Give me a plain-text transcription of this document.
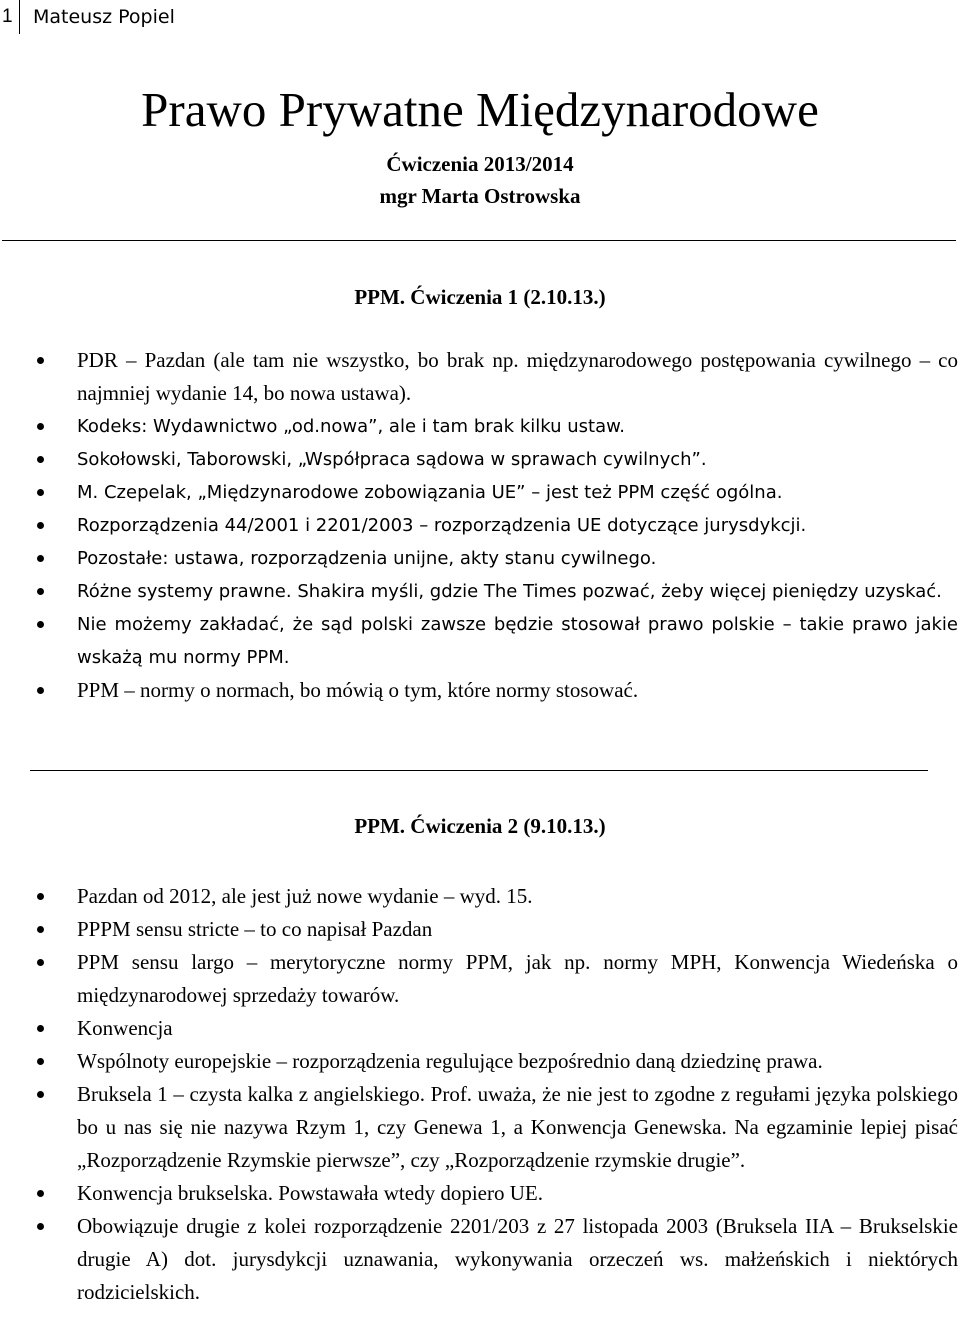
1 Mateusz Popiel
Prawo Prywatne Międzynarodowe
Ćwiczenia 2013/2014
mgr Marta Ostrowska
PPM. Ćwiczenia 1 (2.10.13.)
PDR – Pazdan (ale tam nie wszystko, bo brak np. międzynarodowego postępowania cywilnego – co najmniej wydanie 14, bo nowa ustawa).
Kodeks: Wydawnictwo „od.nowa”, ale i tam brak kilku ustaw.
Sokołowski, Taborowski, „Współpraca sądowa w sprawach cywilnych”.
M. Czepelak, „Międzynarodowe zobowiązania UE” – jest też PPM część ogólna.
Rozporządzenia 44/2001 i 2201/2003 – rozporządzenia UE dotyczące jurysdykcji.
Pozostałe: ustawa, rozporządzenia unijne, akty stanu cywilnego.
Różne systemy prawne. Shakira myśli, gdzie The Times pozwać, żeby więcej pieniędzy uzyskać.
Nie możemy zakładać, że sąd polski zawsze będzie stosował prawo polskie – takie prawo jakie wskażą mu normy PPM.
PPM – normy o normach, bo mówią o tym, które normy stosować.
PPM. Ćwiczenia 2 (9.10.13.)
Pazdan od 2012, ale jest już nowe wydanie – wyd. 15.
PPPM sensu stricte – to co napisał Pazdan
PPM sensu largo – merytoryczne normy PPM, jak np. normy MPH, Konwencja Wiedeńska o międzynarodowej sprzedaży towarów.
Konwencja
Wspólnoty europejskie – rozporządzenia regulujące bezpośrednio daną dziedzinę prawa.
Bruksela 1 – czysta kalka z angielskiego. Prof. uważa, że nie jest to zgodne z regułami języka polskiego bo u nas się nie nazywa Rzym 1, czy Genewa 1, a Konwencja Genewska. Na egzaminie lepiej pisać „Rozporządzenie Rzymskie pierwsze”, czy „Rozporządzenie rzymskie drugie”.
Konwencja brukselska. Powstawała wtedy dopiero UE.
Obowiązuje drugie z kolei rozporządzenie 2201/203 z 27 listopada 2003 (Bruksela IIA – Brukselskie drugie A) dot. jurysdykcji uznawania, wykonywania orzeczeń ws. małżeńskich i niektórych rodzicielskich.
